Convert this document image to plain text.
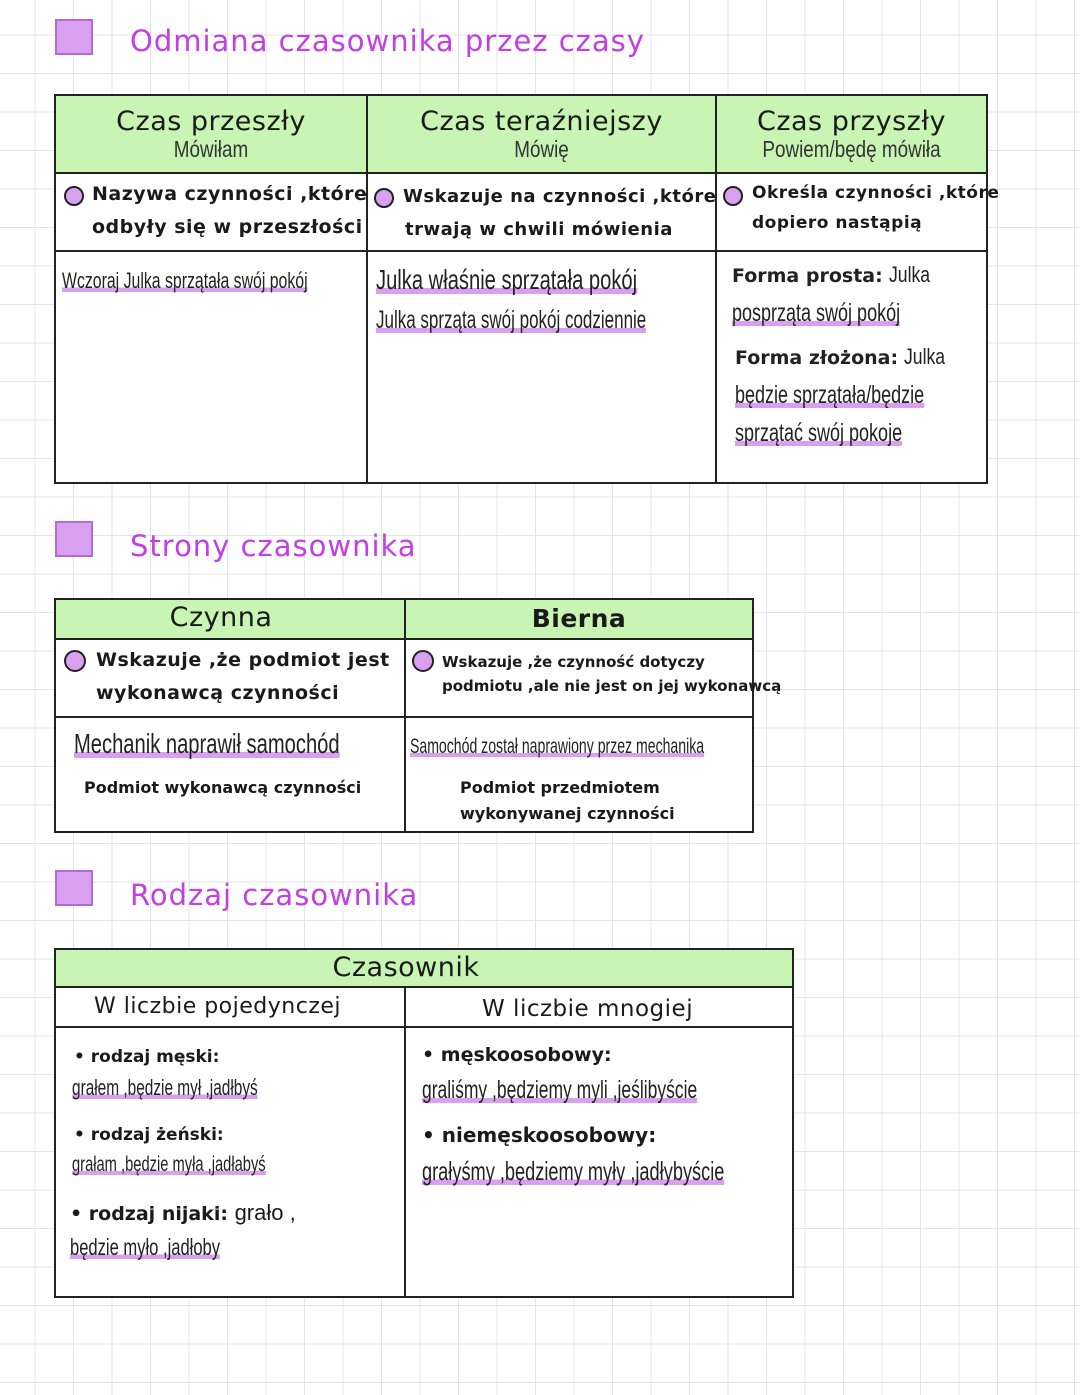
Odmiana czasownika przez czasy
Czas przeszły
Mówiłam
Czas teraźniejszy
Mówię
Czas przyszły
Powiem/będę mówiła
Nazywa czynności ,które
odbyły się w przeszłości
Wskazuje na czynności ,które
trwają w chwili mówienia
Określa czynności ,które
dopiero nastąpią
Wczoraj Julka sprzątała swój pokój Julka właśnie sprzątała pokój
Julka sprząta swój pokój codziennie
Forma prosta: Julka
posprząta swój pokój
Forma złożona: Julka
będzie sprzątała/będzie
sprzątać swój pokoje
Strony czasownika
Czynna	Bierna
Wskazuje ,że podmiot jest
wykonawcą czynności
Wskazuje ,że czynność dotyczy
podmiotu ,ale nie jest on jej wykonawcą
Mechanik naprawił samochód
Podmiot wykonawcą czynności
Samochód został naprawiony przez mechanika
Podmiot przedmiotem
wykonywanej czynności
Rodzaj czasownika
Czasownik
W liczbie pojedynczej	W liczbie mnogiej
• rodzaj męski:
grałem ,będzie mył ,jadłbyś
• rodzaj żeński:
grałam ,będzie myła ,jadłabyś
• rodzaj nijaki: grało ,
będzie myło ,jadłoby
• męskoosobowy:
graliśmy ,będziemy myli ,jeślibyście
• niemęskoosobowy:
grałyśmy ,będziemy myły ,jadłybyście
